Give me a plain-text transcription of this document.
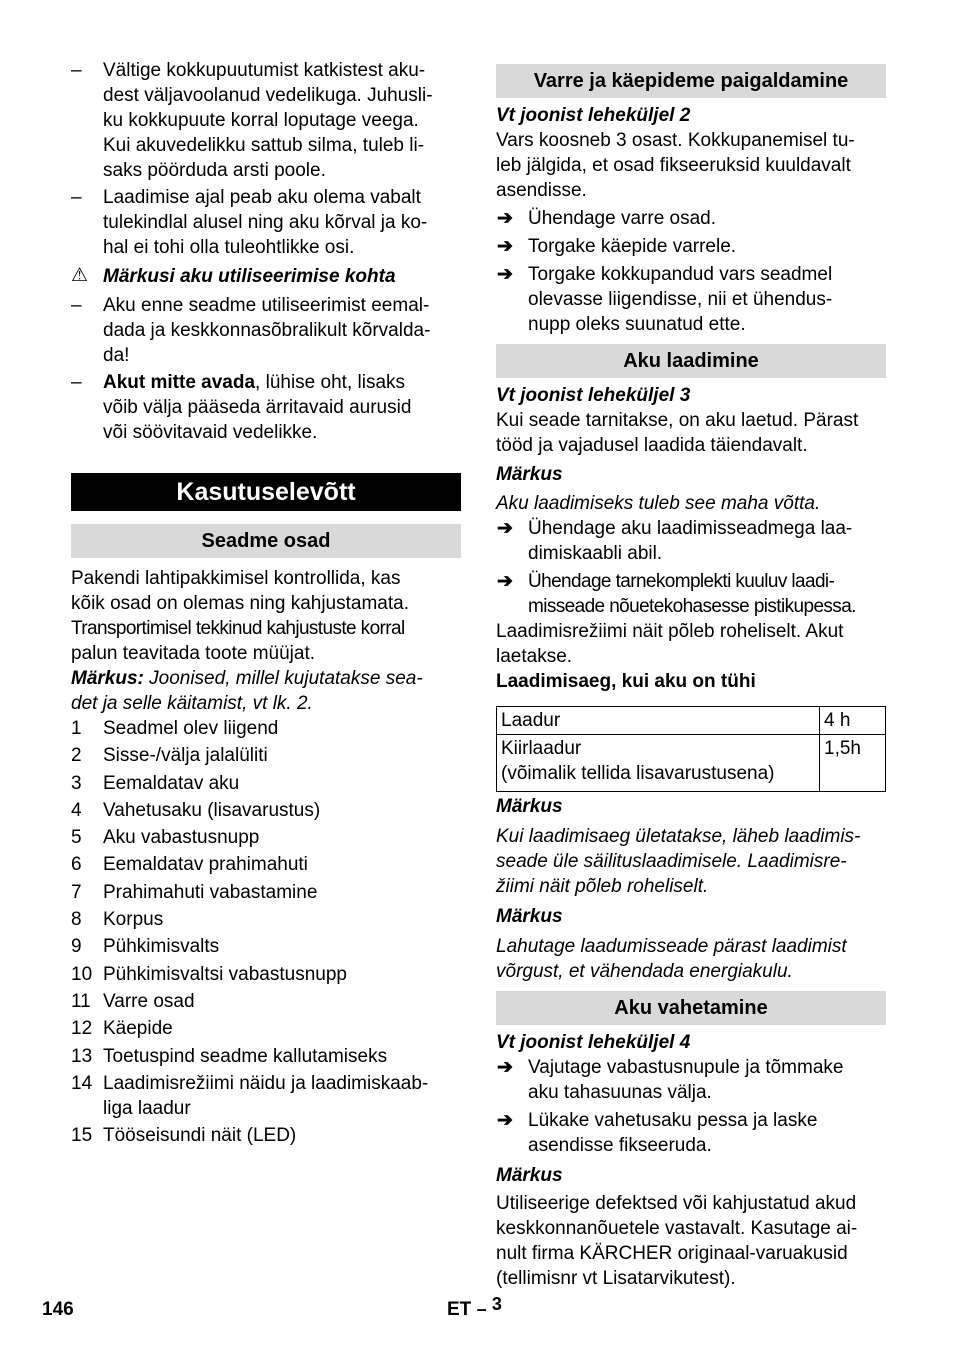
– Vältige kokkupuutumist katkistest aku-
dest väljavoolanud vedelikuga. Juhusli-
ku kokkupuute korral loputage veega.
Kui akuvedelikku sattub silma, tuleb li-
saks pöörduda arsti poole.
– Laadimise ajal peab aku olema vabalt
tulekindlal alusel ning aku kõrval ja ko-
hal ei tohi olla tuleohtlikke osi.
⚠ Märkusi aku utiliseerimise kohta
– Aku enne seadme utiliseerimist eemal-
dada ja keskkonnasõbralikult kõrvalda-
da!
– Akut mitte avada, lühise oht, lisaks
võib välja pääseda ärritavaid aurusid
või söövitavaid vedelikke.
Kasutuselevõtt
Seadme osad
Pakendi lahtipakkimisel kontrollida, kas
kõik osad on olemas ning kahjustamata.
Transportimisel tekkinud kahjustuste korral
palun teavitada toote müüjat.
Märkus: Joonised, millel kujutatakse sea-
det ja selle käitamist, vt lk. 2.
1 Seadmel olev liigend
2 Sisse-/välja jalalüliti
3 Eemaldatav aku
4 Vahetusaku (lisavarustus)
5 Aku vabastusnupp
6 Eemaldatav prahimahuti
7 Prahimahuti vabastamine
8 Korpus
9 Pühkimisvalts
10 Pühkimisvaltsi vabastusnupp
11 Varre osad
12 Käepide
13 Toetuspind seadme kallutamiseks
14 Laadimisrežiimi näidu ja laadimiskaab-
liga laadur
15 Tööseisundi näit (LED)
Varre ja käepideme paigaldamine
Vt joonist leheküljel 2
Vars koosneb 3 osast. Kokkupanemisel tu-
leb jälgida, et osad fikseeruksid kuuldavalt
asendisse.
➔ Ühendage varre osad.
➔ Torgake käepide varrele.
➔ Torgake kokkupandud vars seadmel
olevasse liigendisse, nii et ühendus-
nupp oleks suunatud ette.
Aku laadimine
Vt joonist leheküljel 3
Kui seade tarnitakse, on aku laetud. Pärast
tööd ja vajadusel laadida täiendavalt.
Märkus
Aku laadimiseks tuleb see maha võtta.
➔ Ühendage aku laadimisseadmega laa-
dimiskaabli abil.
➔ Ühendage tarnekomplekti kuuluv laadi-
misseade nõuetekohasesse pistikupessa.
Laadimisrežiimi näit põleb roheliselt. Akut
laetakse.
Laadimisaeg, kui aku on tühi
Laadur	4 h

Kiirlaadur
(võimalik tellida lisavarustusena)	1,5h
Märkus
Kui laadimisaeg ületatakse, läheb laadimis-
seade üle säilituslaadimisele. Laadimisre-
žiimi näit põleb roheliselt.
Märkus
Lahutage laadumisseade pärast laadimist
võrgust, et vähendada energiakulu.
Aku vahetamine
Vt joonist leheküljel 4
➔ Vajutage vabastusnupule ja tõmmake
aku tahasuunas välja.
➔ Lükake vahetusaku pessa ja laske
asendisse fikseeruda.
Märkus
Utiliseerige defektsed või kahjustatud akud
keskkonnanõuetele vastavalt. Kasutage ai-
nult firma KÄRCHER originaal-varuakusid
(tellimisnr vt Lisatarvikutest).
146	ET – 3
